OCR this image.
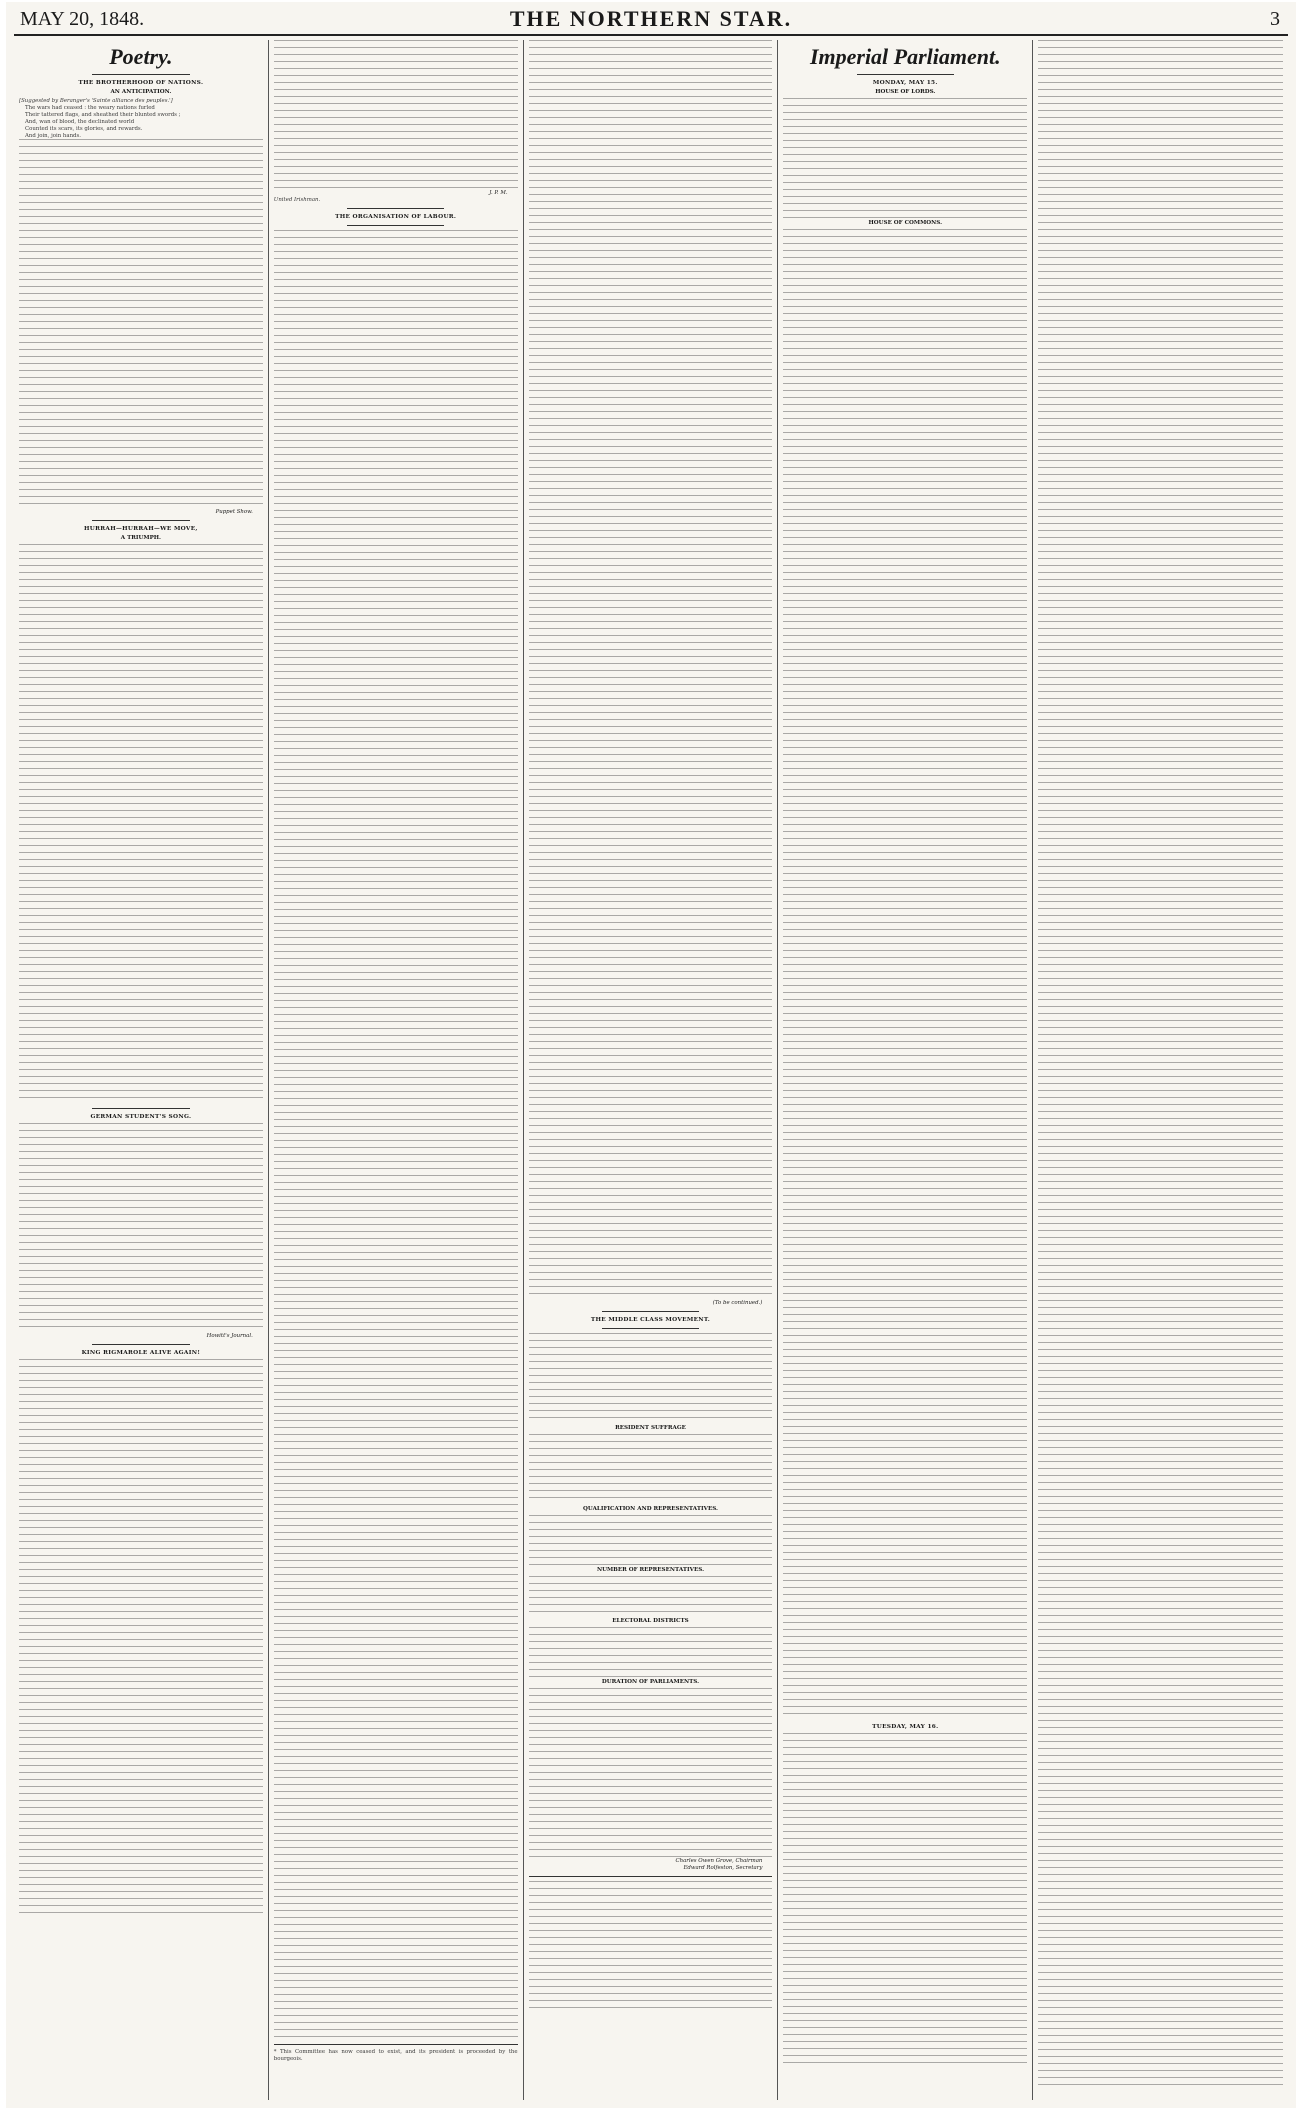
MAY 20, 1848.	THE NORTHERN STAR.	3
Poetry.
THE BROTHERHOOD OF NATIONS.
AN ANTICIPATION.
[Suggested by Beranger's 'Sainte alliance des peuples.']
The wars had ceased : the weary nations furled
Their tattered flags, and sheathed their blunted swords ;
And, wan of blood, the declinated world
Counted its scars, its glories, and rewards.
And join, join hands.
Puppet Show.
HURRAH—HURRAH—WE MOVE,
A TRIUMPH.
GERMAN STUDENT'S SONG.
Howitt's Journal.
KING RIGMAROLE ALIVE AGAIN!
J. P. M.
United Irishman.
THE ORGANISATION OF LABOUR.
* This Committee has now ceased to exist, and its president is proceeded by the bourgeois.
(To be continued.)
THE MIDDLE CLASS MOVEMENT.
RESIDENT SUFFRAGE
QUALIFICATION AND REPRESENTATIVES.
NUMBER OF REPRESENTATIVES.
ELECTORAL DISTRICTS
DURATION OF PARLIAMENTS.
Charles Owen Grove, Chairman
Edward Rolfeston, Secretary
Imperial Parliament.
MONDAY, MAY 15.
HOUSE OF LORDS.
HOUSE OF COMMONS.
TUESDAY, MAY 16.
